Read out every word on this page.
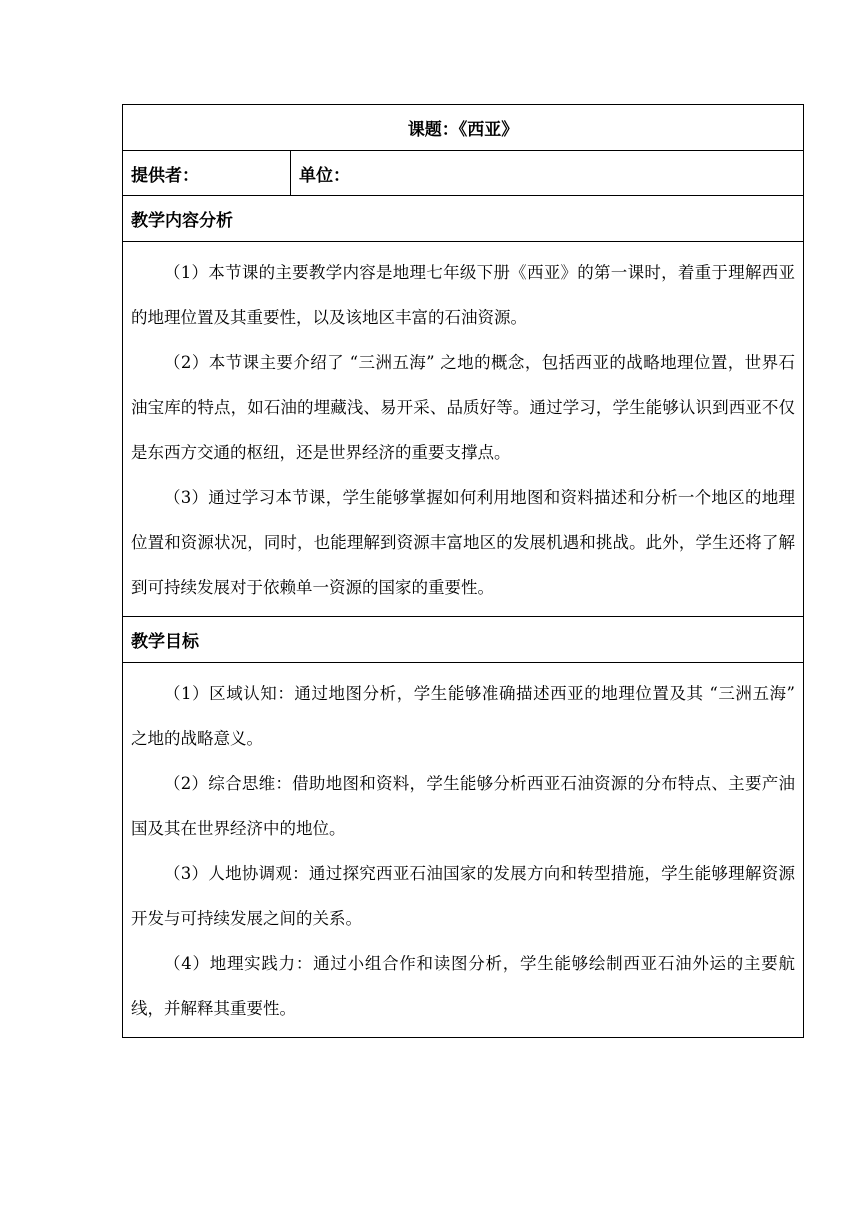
课题：《西亚》
提供者：	单位：
教学内容分析

（1）本节课的主要教学内容是地理七年级下册《西亚》的第一课时，着重于理解西亚的地理位置及其重要性，以及该地区丰富的石油资源。

（2）本节课主要介绍了 “三洲五海” 之地的概念，包括西亚的战略地理位置，世界石油宝库的特点，如石油的埋藏浅、易开采、品质好等。通过学习，学生能够认识到西亚不仅是东西方交通的枢纽，还是世界经济的重要支撑点。

（3）通过学习本节课，学生能够掌握如何利用地图和资料描述和分析一个地区的地理位置和资源状况，同时，也能理解到资源丰富地区的发展机遇和挑战。此外，学生还将了解到可持续发展对于依赖单一资源的国家的重要性。

教学目标

（1）区域认知：通过地图分析，学生能够准确描述西亚的地理位置及其 “三洲五海” 之地的战略意义。

（2）综合思维：借助地图和资料，学生能够分析西亚石油资源的分布特点、主要产油国及其在世界经济中的地位。

（3）人地协调观：通过探究西亚石油国家的发展方向和转型措施，学生能够理解资源开发与可持续发展之间的关系。

（4）地理实践力：通过小组合作和读图分析，学生能够绘制西亚石油外运的主要航线，并解释其重要性。
